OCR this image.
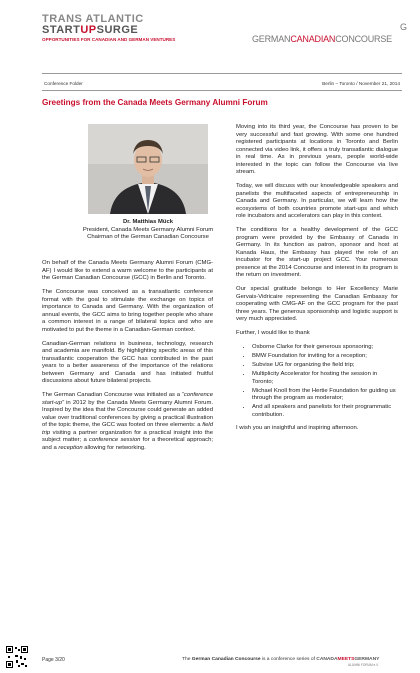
TRANS ATLANTIC
STARTUPSURGE
OPPORTUNITIES FOR CANADIAN AND GERMAN VENTURES	GERMANCANADIANCONCOURSE
G
Conference Folder	Berlin – Toronto / November 21, 2014
Greetings from the Canada Meets Germany Alumni Forum
Dr. Matthias Mück
President, Canada Meets Germany Alumni Forum
Chairman of the German Canadian Concourse

On behalf of the Canada Meets Germany Alumni Forum (CMG-AF) I would like to extend a warm welcome to the participants at the German Canadian Concourse (GCC) in Berlin and Toronto.

The Concourse was conceived as a transatlantic conference format with the goal to stimulate the exchange on topics of importance to Canada and Germany. With the organization of annual events, the GCC aims to bring together people who share a common interest in a range of bilateral topics and who are motivated to put the theme in a Canadian-German context.

Canadian-German relations in business, technology, research and academia are manifold. By highlighting specific areas of this transatlantic cooperation the GCC has contributed in the past years to a better awareness of the importance of the relations between Germany and Canada and has initiated fruitful discussions about future bilateral projects.

The German Canadian Concourse was initiated as a “conference start-up” in 2012 by the Canada Meets Germany Alumni Forum. Inspired by the idea that the Concourse could generate an added value over traditional conferences by giving a practical illustration of the topic theme, the GCC was footed on three elements: a field trip visiting a partner organization for a practical insight into the subject matter; a conference session for a theoretical approach; and a reception allowing for networking.

Moving into its third year, the Concourse has proven to be very successful and fast growing. With some one hundred registered participants at locations in Toronto and Berlin connected via video link, it offers a truly transatlantic dialogue in real time. As in previous years, people world-wide interested in the topic can follow the Concourse via live stream.

Today, we will discuss with our knowledgeable speakers and panelists the multifaceted aspects of entrepreneurship in Canada and Germany. In particular, we will learn how the ecosystems of both countries promote start-ups and which role incubators and accelerators can play in this context.

The conditions for a healthy development of the GCC program were provided by the Embassy of Canada in Germany. In its function as patron, sponsor and host at Kanada Haus, the Embassy has played the role of an incubator for the start-up project GCC. Your numerous presence at the 2014 Concourse and interest in its program is the return on investment.

Our special gratitude belongs to Her Excellency Marie Gervais-Vidricaire representing the Canadian Embassy for cooperating with CMG-AF on the GCC program for the past three years. The generous sponsorship and logistic support is very much appreciated.

Further, I would like to thank

• Osborne Clarke for their generous sponsoring;
• BMW Foundation for inviting for a reception;
• Subvise UG for organizing the field trip;
• Multiplicity Accelerator for hosting the session in Toronto;
• Michael Knoll from the Hertie Foundation for guiding us through the program as moderator;
• And all speakers and panelists for their programmatic contribution.

I wish you an insightful and inspiring afternoon.

Page 3/20	The German Canadian Concourse is a conference series of CANADAMEETSGERMANY
ALUMNI FORUM e.V.
